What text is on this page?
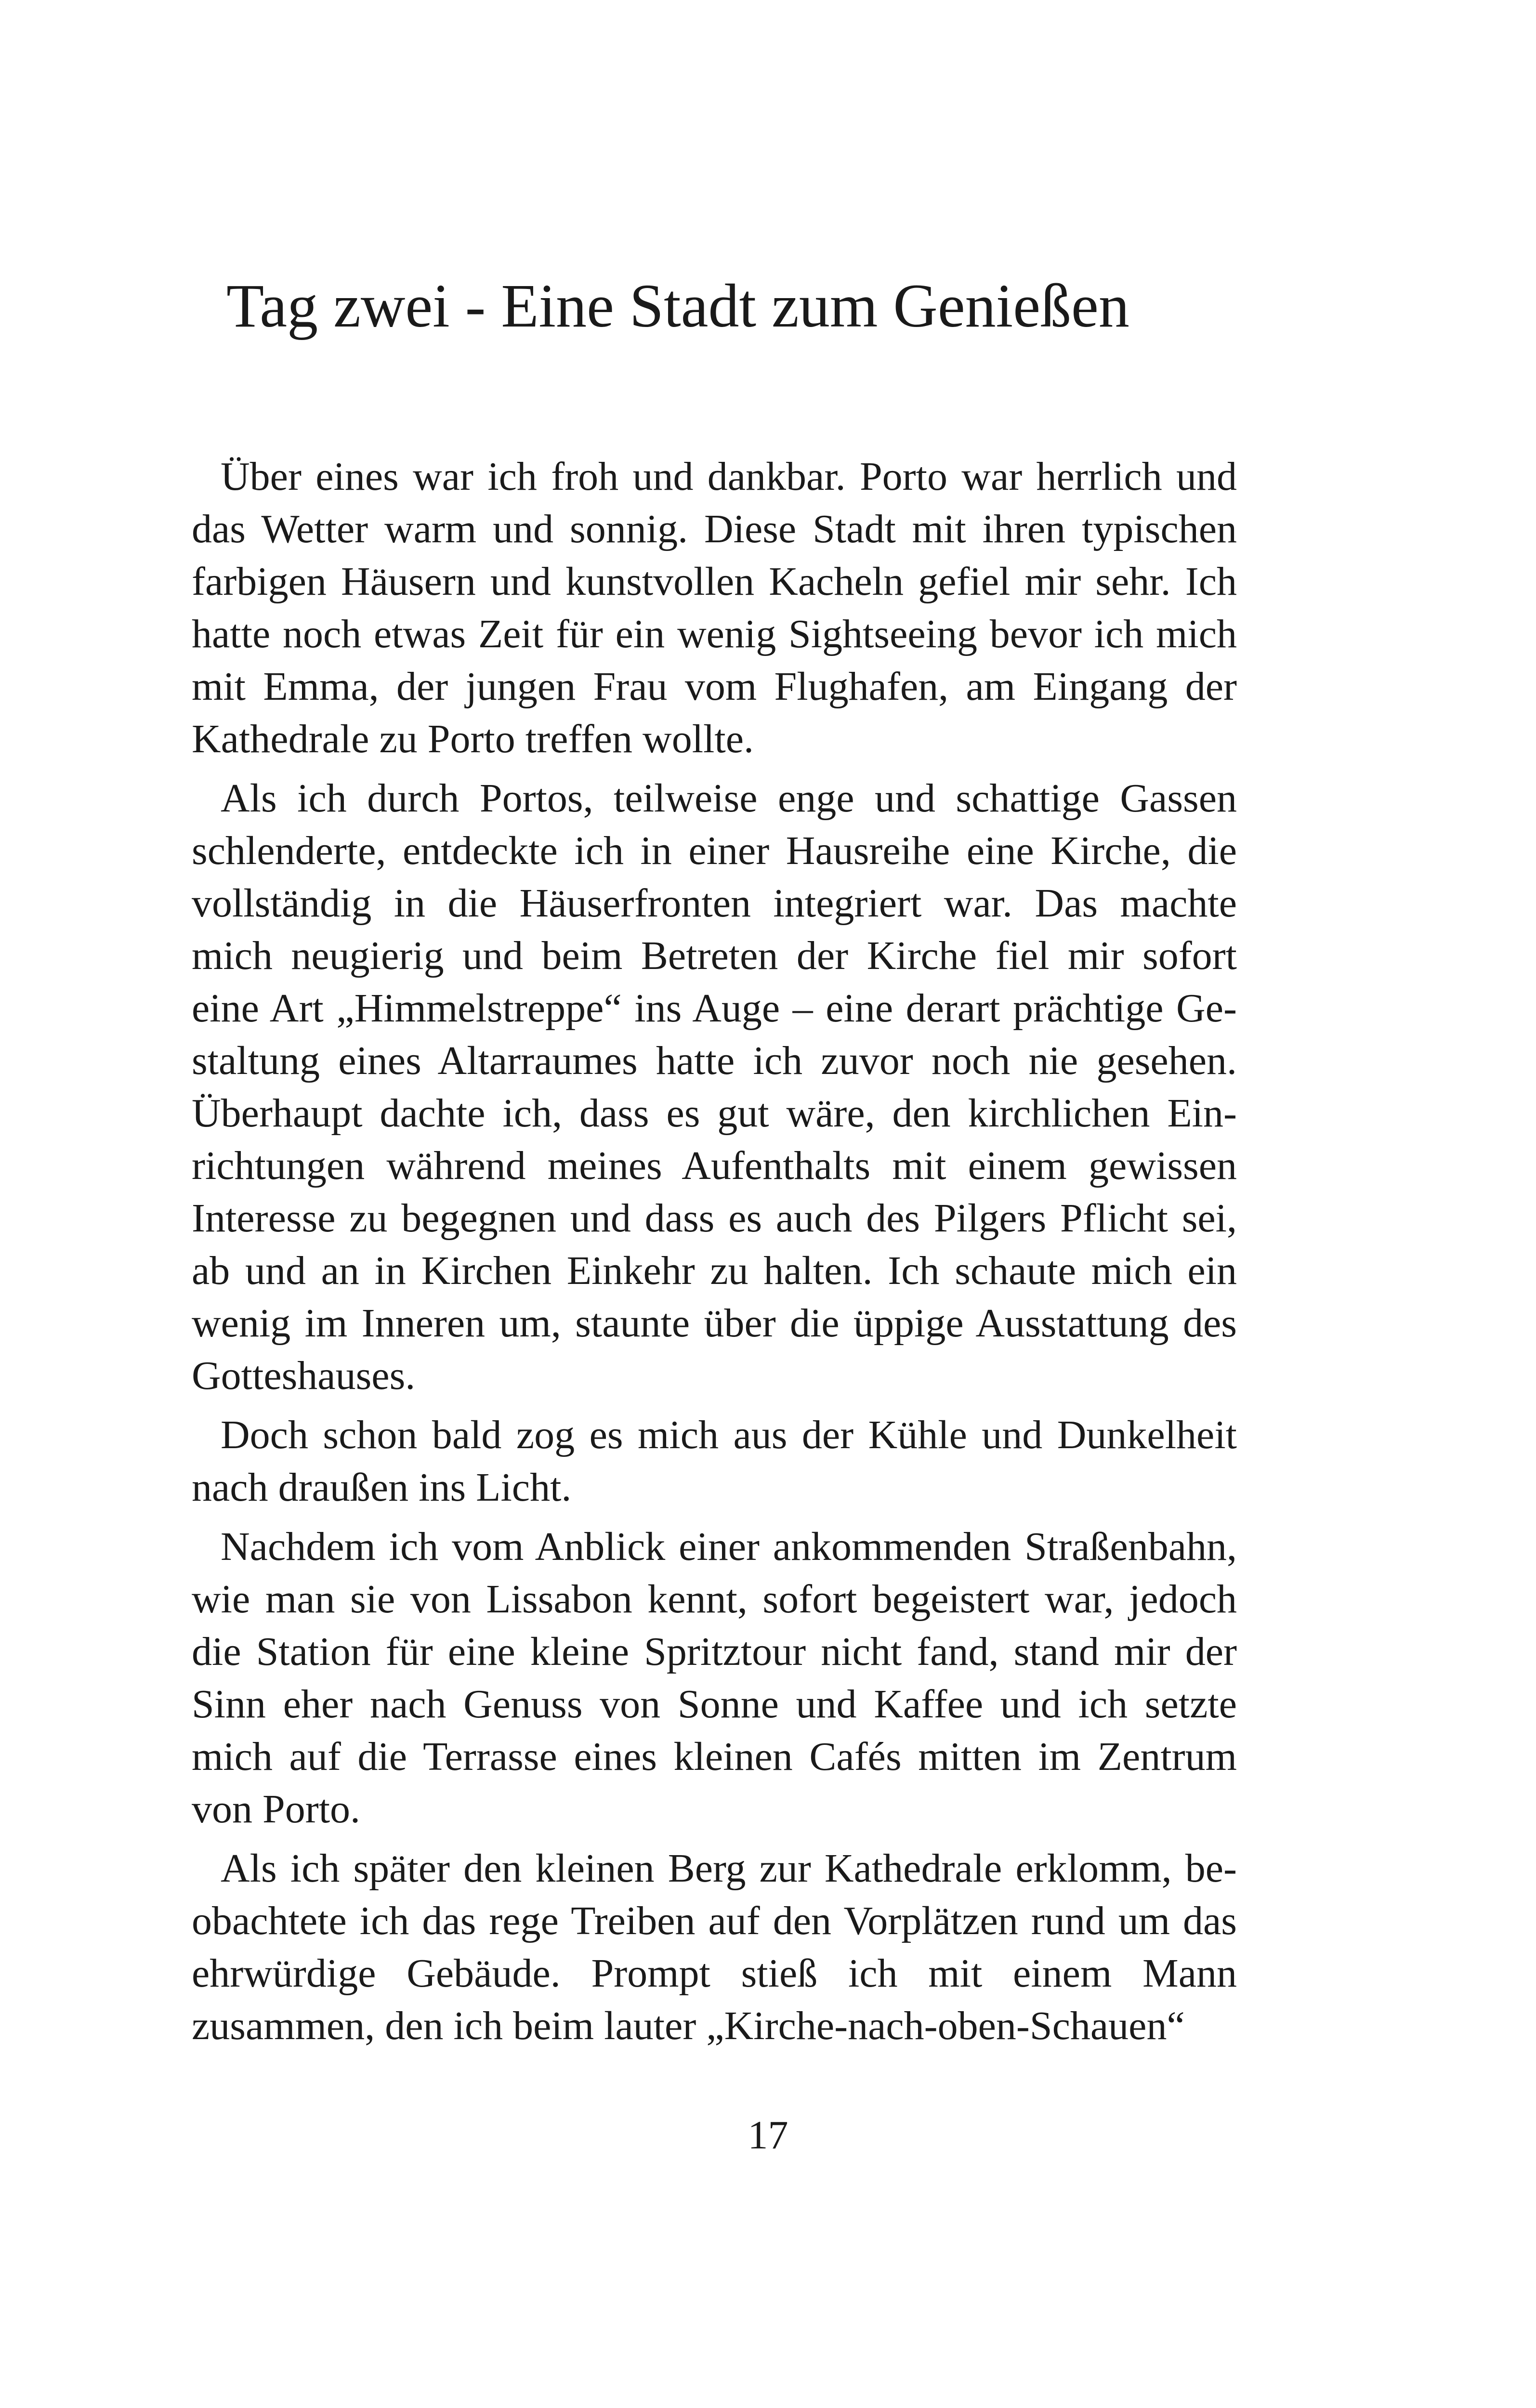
Tag zwei - Eine Stadt zum Genießen

Über eines war ich froh und dankbar. Porto war herrlich und das Wetter warm und sonnig. Diese Stadt mit ihren typischen farbigen Häusern und kunstvollen Kacheln gefiel mir sehr. Ich hatte noch etwas Zeit für ein wenig Sightseeing bevor ich mich mit Emma, der jungen Frau vom Flughafen, am Eingang der Kathedrale zu Porto treffen wollte.

Als ich durch Portos, teilweise enge und schattige Gassen schlenderte, entdeckte ich in einer Hausreihe eine Kirche, die vollständig in die Häuserfronten integriert war. Das machte mich neugierig und beim Betreten der Kirche fiel mir sofort eine Art „Himmelstreppe“ ins Auge – eine derart prächtige Gestaltung eines Altarraumes hatte ich zuvor noch nie gesehen. Überhaupt dachte ich, dass es gut wäre, den kirchlichen Einrichtungen während meines Aufenthalts mit einem gewissen Interesse zu begegnen und dass es auch des Pilgers Pflicht sei, ab und an in Kirchen Einkehr zu halten. Ich schaute mich ein wenig im Inneren um, staunte über die üppige Ausstattung des Gotteshauses.

Doch schon bald zog es mich aus der Kühle und Dunkelheit nach draußen ins Licht.

Nachdem ich vom Anblick einer ankommenden Straßenbahn, wie man sie von Lissabon kennt, sofort begeistert war, jedoch die Station für eine kleine Spritztour nicht fand, stand mir der Sinn eher nach Genuss von Sonne und Kaffee und ich setzte mich auf die Terrasse eines kleinen Cafés mitten im Zentrum von Porto.

Als ich später den kleinen Berg zur Kathedrale erklomm, beobachtete ich das rege Treiben auf den Vorplätzen rund um das ehrwürdige Gebäude. Prompt stieß ich mit einem Mann zusammen, den ich beim lauter „Kirche-nach-oben-Schauen“

17
